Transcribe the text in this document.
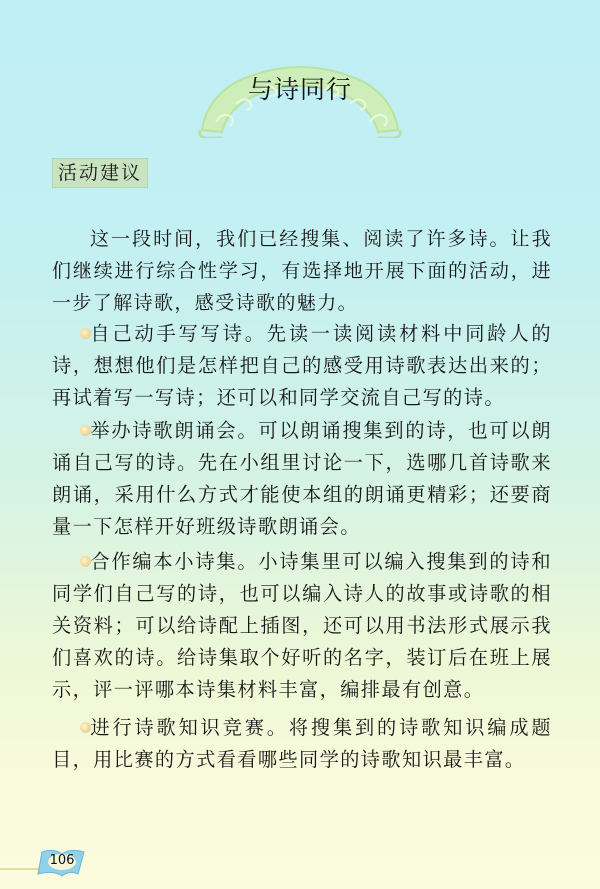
与诗同行
活动建议

这一段时间，我们已经搜集、阅读了许多诗。让我们继续进行综合性学习，有选择地开展下面的活动，进一步了解诗歌，感受诗歌的魅力。

自己动手写写诗。先读一读阅读材料中同龄人的诗，想想他们是怎样把自己的感受用诗歌表达出来的；再试着写一写诗；还可以和同学交流自己写的诗。

举办诗歌朗诵会。可以朗诵搜集到的诗，也可以朗诵自己写的诗。先在小组里讨论一下，选哪几首诗歌来朗诵，采用什么方式才能使本组的朗诵更精彩；还要商量一下怎样开好班级诗歌朗诵会。

合作编本小诗集。小诗集里可以编入搜集到的诗和同学们自己写的诗，也可以编入诗人的故事或诗歌的相关资料；可以给诗配上插图，还可以用书法形式展示我们喜欢的诗。给诗集取个好听的名字，装订后在班上展示，评一评哪本诗集材料丰富，编排最有创意。

进行诗歌知识竞赛。将搜集到的诗歌知识编成题目，用比赛的方式看看哪些同学的诗歌知识最丰富。

106
